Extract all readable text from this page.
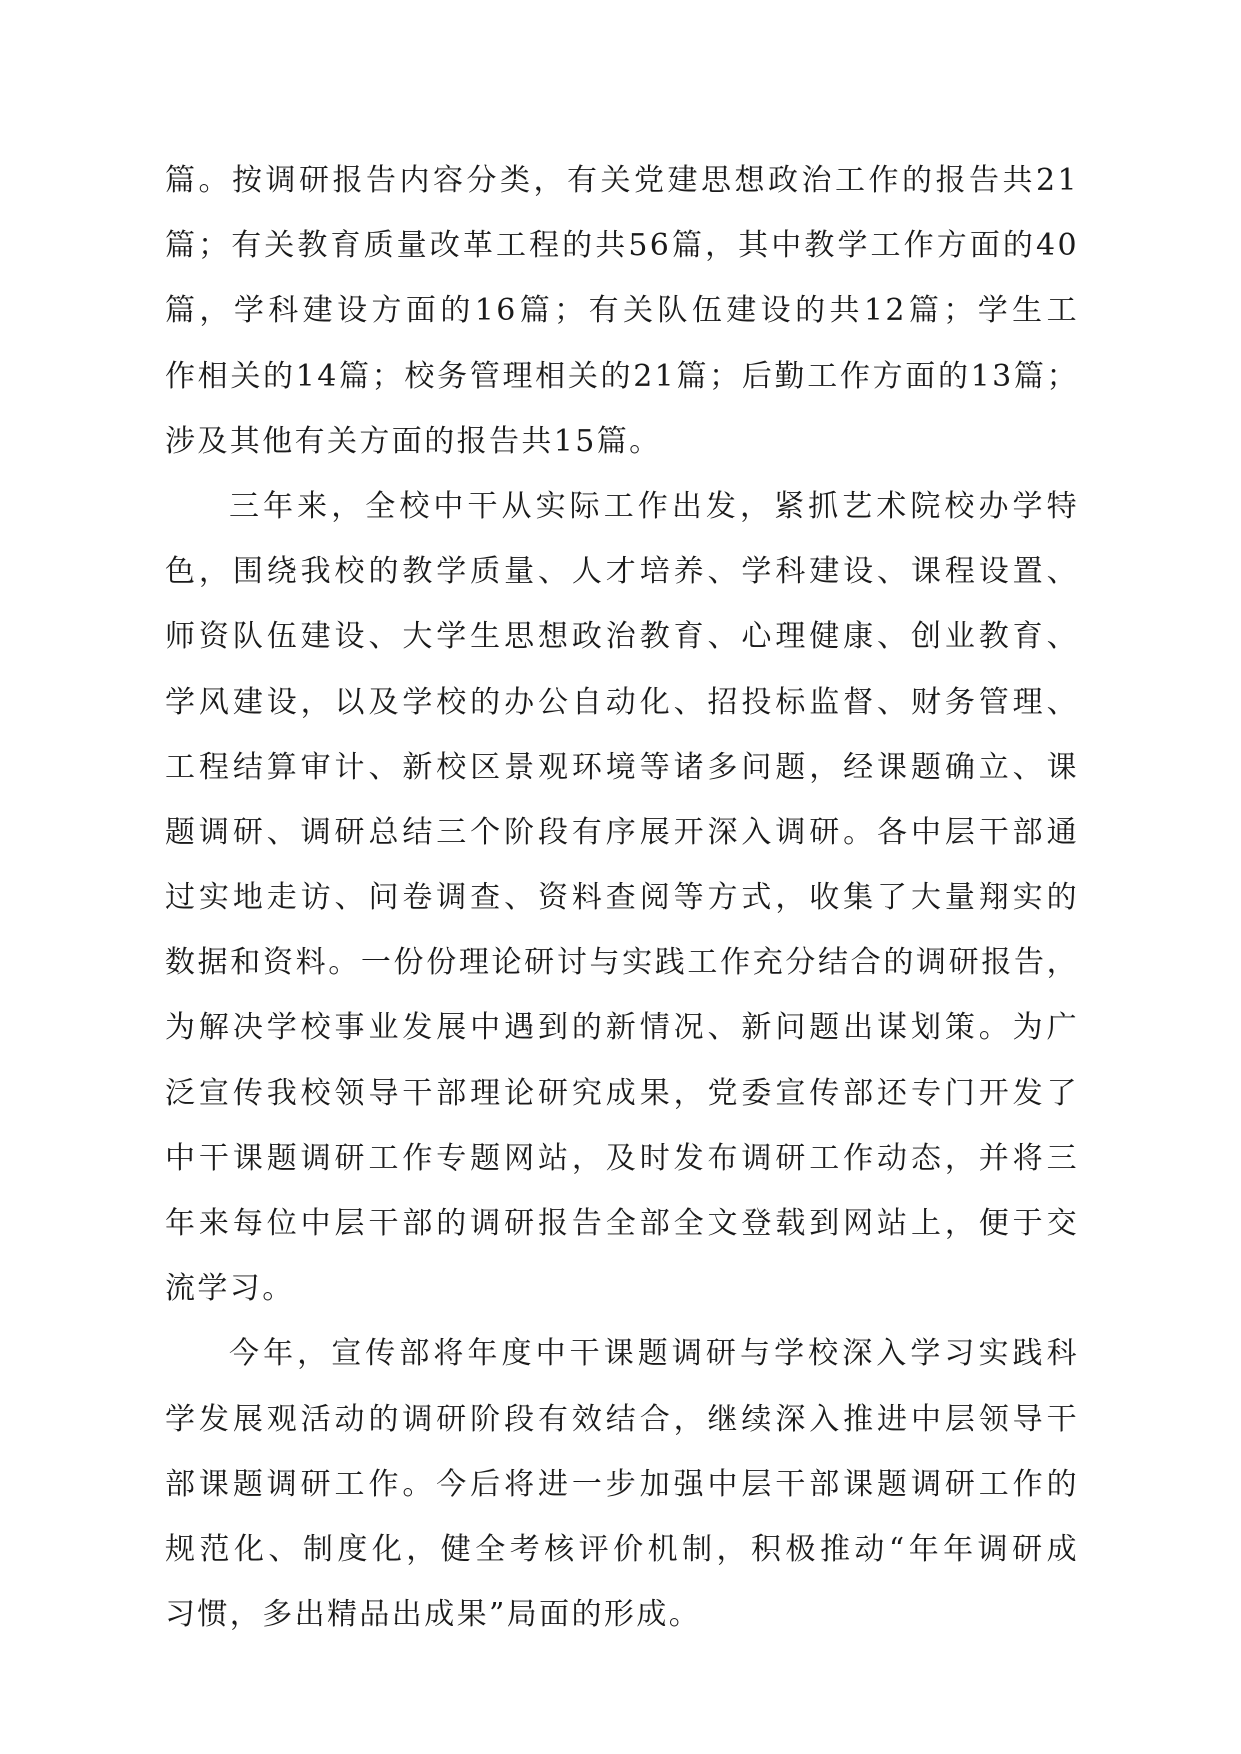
篇。按调研报告内容分类，有关党建思想政治工作的报告共21
篇；有关教育质量改革工程的共56篇，其中教学工作方面的40
篇，学科建设方面的16篇；有关队伍建设的共12篇；学生工
作相关的14篇；校务管理相关的21篇；后勤工作方面的13篇；
涉及其他有关方面的报告共15篇。
三年来，全校中干从实际工作出发，紧抓艺术院校办学特
色，围绕我校的教学质量、人才培养、学科建设、课程设置、
师资队伍建设、大学生思想政治教育、心理健康、创业教育、
学风建设，以及学校的办公自动化、招投标监督、财务管理、
工程结算审计、新校区景观环境等诸多问题，经课题确立、课
题调研、调研总结三个阶段有序展开深入调研。各中层干部通
过实地走访、问卷调查、资料查阅等方式，收集了大量翔实的
数据和资料。一份份理论研讨与实践工作充分结合的调研报告，
为解决学校事业发展中遇到的新情况、新问题出谋划策。为广
泛宣传我校领导干部理论研究成果，党委宣传部还专门开发了
中干课题调研工作专题网站，及时发布调研工作动态，并将三
年来每位中层干部的调研报告全部全文登载到网站上，便于交
流学习。
今年，宣传部将年度中干课题调研与学校深入学习实践科
学发展观活动的调研阶段有效结合，继续深入推进中层领导干
部课题调研工作。今后将进一步加强中层干部课题调研工作的
规范化、制度化，健全考核评价机制，积极推动“年年调研成
习惯，多出精品出成果”局面的形成。
